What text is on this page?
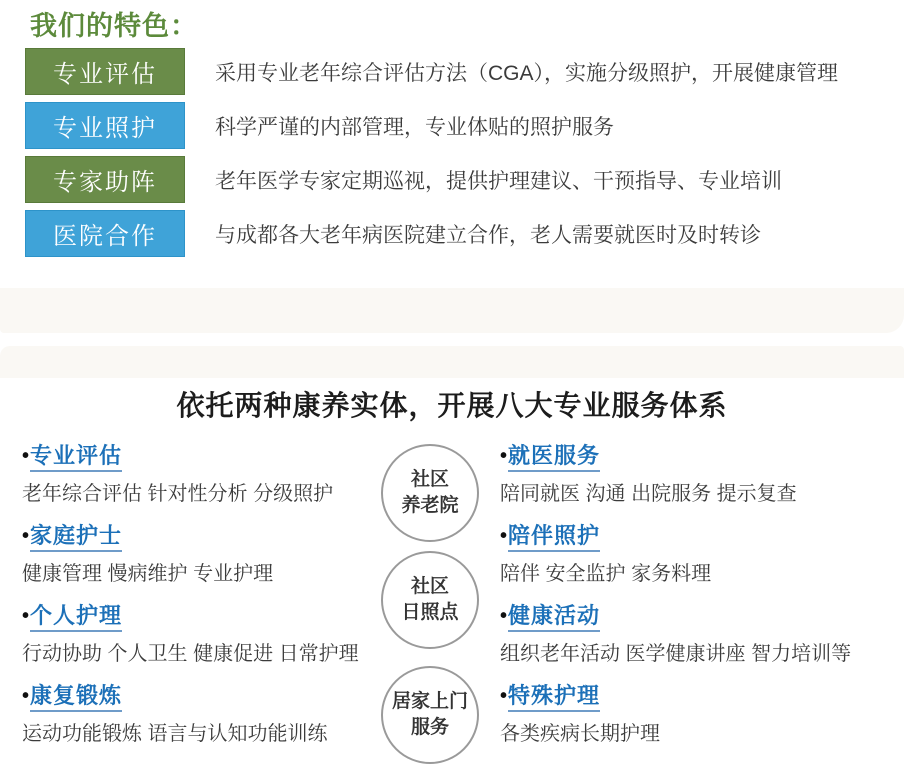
我们的特色：
专业评估	采用专业老年综合评估方法（CGA），实施分级照护，开展健康管理
专业照护	科学严谨的内部管理，专业体贴的照护服务
专家助阵	老年医学专家定期巡视，提供护理建议、干预指导、专业培训
医院合作	与成都各大老年病医院建立合作，老人需要就医时及时转诊
依托两种康养实体，开展八大专业服务体系
•专业评估
老年综合评估 针对性分析 分级照护
•家庭护士
健康管理 慢病维护 专业护理
•个人护理
行动协助 个人卫生 健康促进 日常护理
•康复锻炼
运动功能锻炼 语言与认知功能训练
社区
养老院
社区
日照点
居家上门
服务
•就医服务
陪同就医 沟通 出院服务 提示复查
•陪伴照护
陪伴 安全监护 家务料理
•健康活动
组织老年活动 医学健康讲座 智力培训等
•特殊护理
各类疾病长期护理
